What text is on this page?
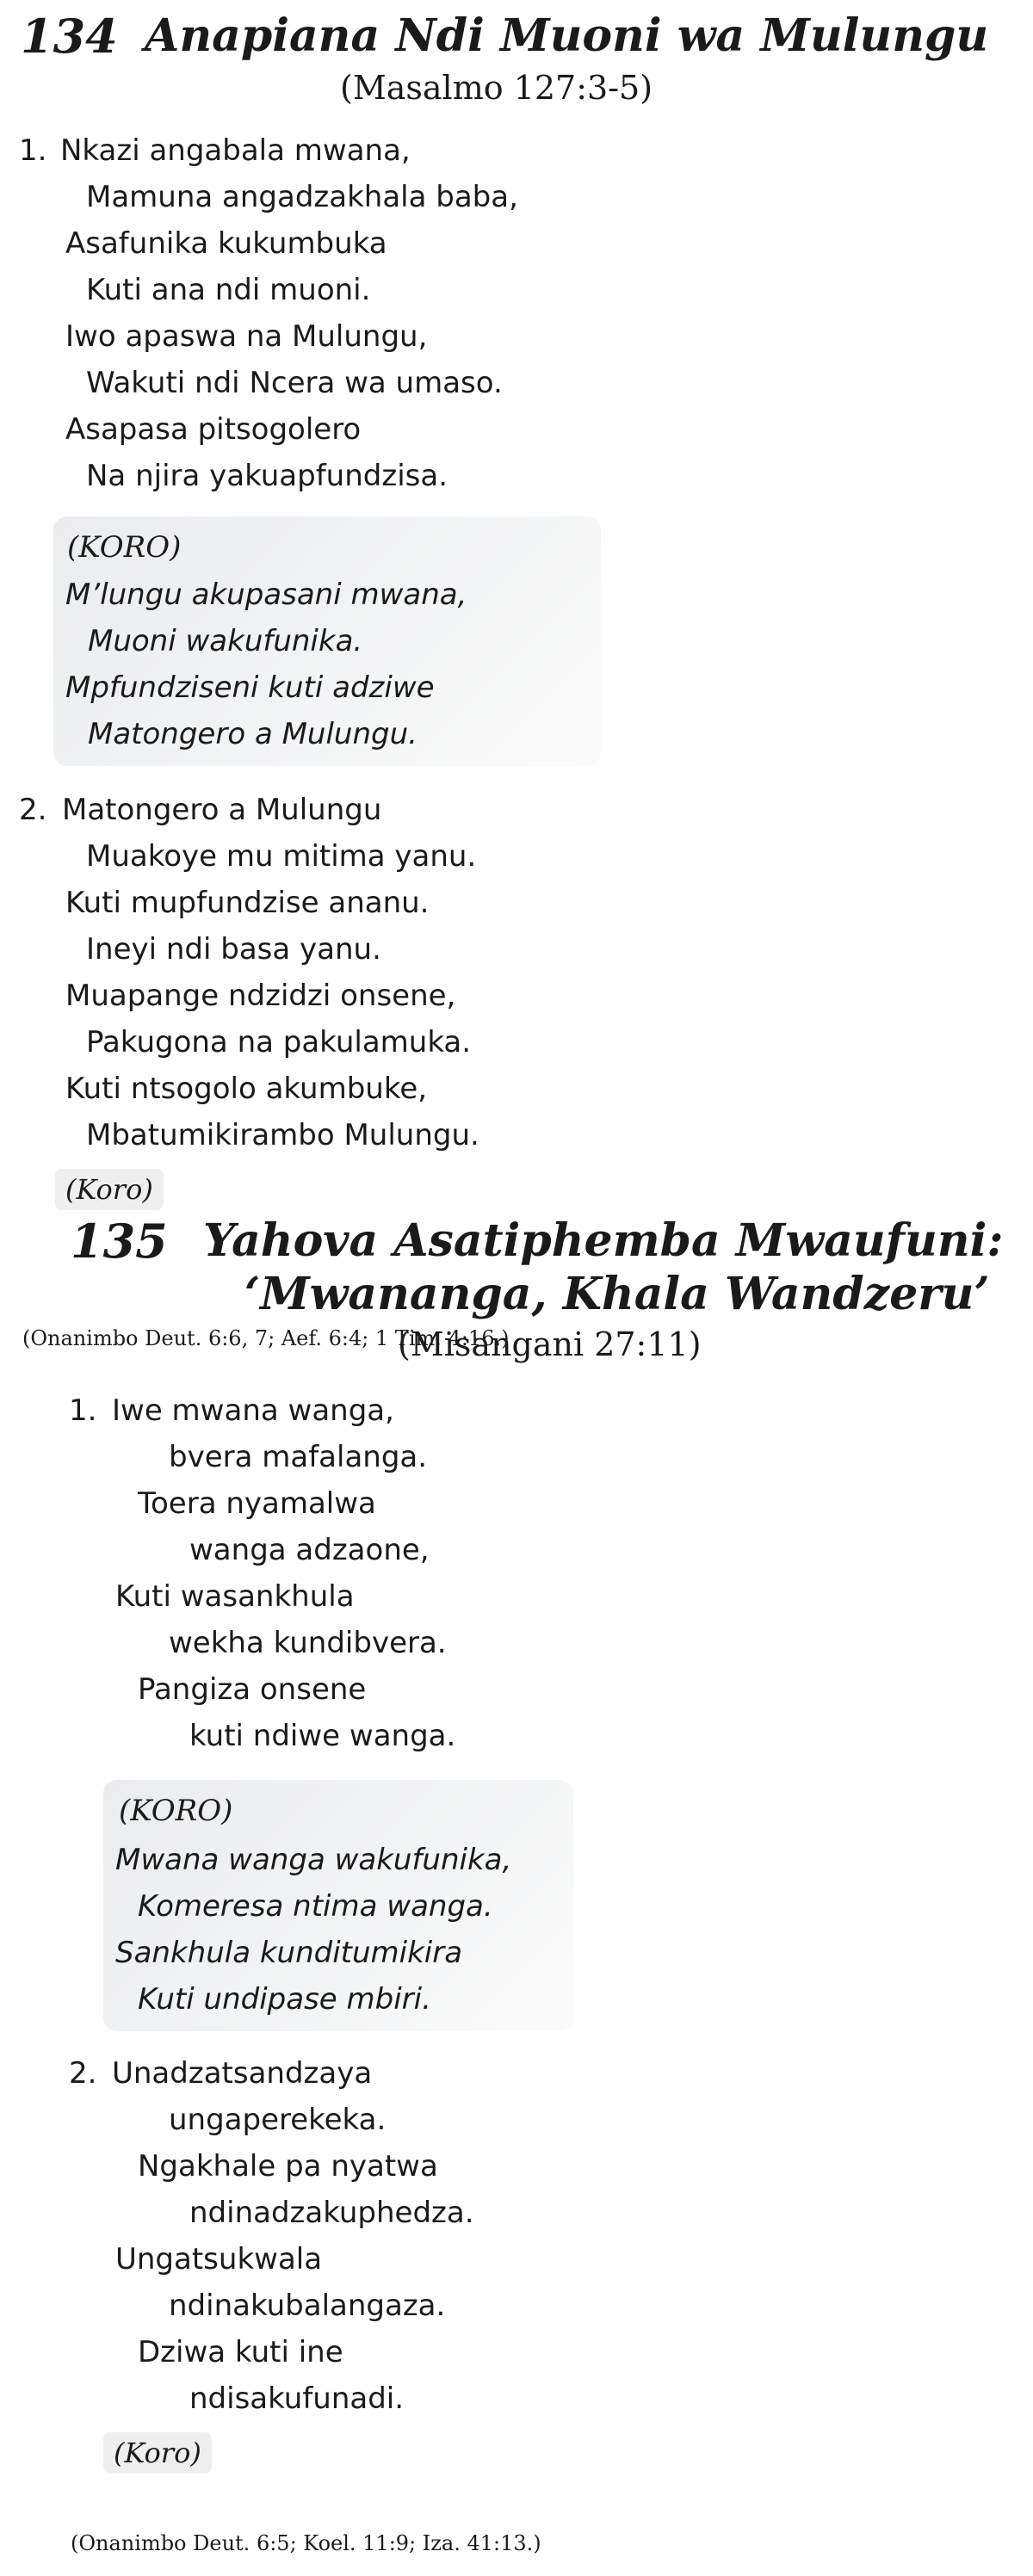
134 Anapiana Ndi Muoni wa Mulungu
(Masalmo 127:3-5)
1. Nkazi angabala mwana,
Mamuna angadzakhala baba,
Asafunika kukumbuka
Kuti ana ndi muoni.
Iwo apaswa na Mulungu,
Wakuti ndi Ncera wa umaso.
Asapasa pitsogolero
Na njira yakuapfundzisa.
(KORO)
M’lungu akupasani mwana,
Muoni wakufunika.
Mpfundziseni kuti adziwe
Matongero a Mulungu.
2. Matongero a Mulungu
Muakoye mu mitima yanu.
Kuti mupfundzise ananu.
Ineyi ndi basa yanu.
Muapange ndzidzi onsene,
Pakugona na pakulamuka.
Kuti ntsogolo akumbuke,
Mbatumikirambo Mulungu.
(Koro)
135 Yahova Asatiphemba Mwaufuni:
‘Mwananga, Khala Wandzeru’
(Onanimbo Deut. 6:6, 7; Aef. 6:4; 1 Tim. 4:16.)
(Misangani 27:11)
1. Iwe mwana wanga,
bvera mafalanga.
Toera nyamalwa
wanga adzaone,
Kuti wasankhula
wekha kundibvera.
Pangiza onsene
kuti ndiwe wanga.
(KORO)
Mwana wanga wakufunika,
Komeresa ntima wanga.
Sankhula kunditumikira
Kuti undipase mbiri.
2. Unadzatsandzaya
ungaperekeka.
Ngakhale pa nyatwa
ndinadzakuphedza.
Ungatsukwala
ndinakubalangaza.
Dziwa kuti ine
ndisakufunadi.
(Koro)
(Onanimbo Deut. 6:5; Koel. 11:9; Iza. 41:13.)
